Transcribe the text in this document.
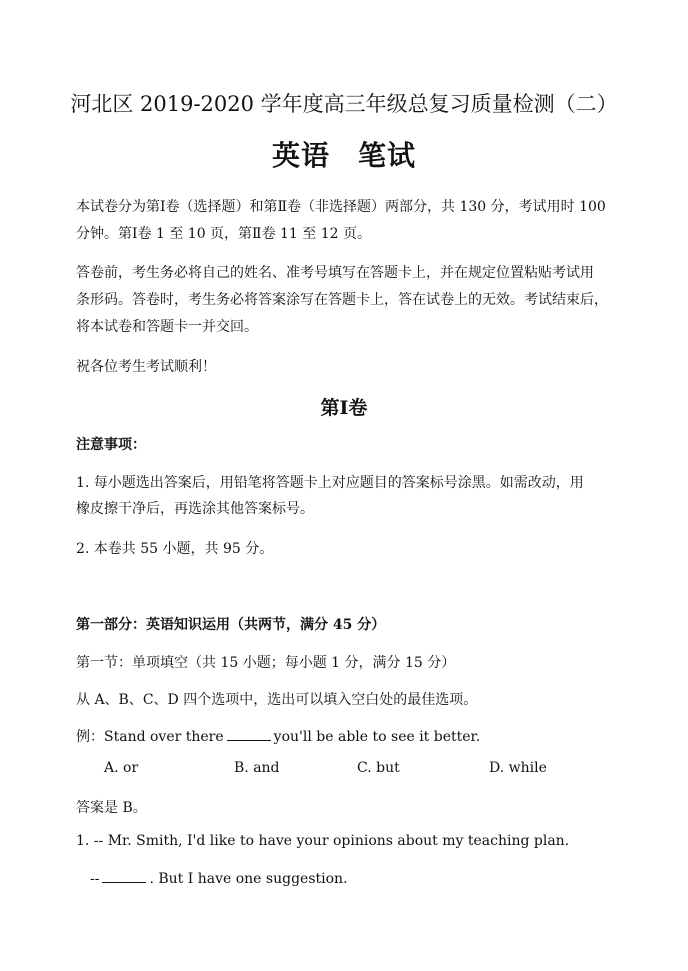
河北区 2019-2020 学年度高三年级总复习质量检测（二）
英语 笔试
本试卷分为第Ⅰ卷（选择题）和第Ⅱ卷（非选择题）两部分，共 130 分，考试用时 100
分钟。第Ⅰ卷 1 至 10 页，第Ⅱ卷 11 至 12 页。
答卷前，考生务必将自己的姓名、准考号填写在答题卡上，并在规定位置粘贴考试用
条形码。答卷时，考生务必将答案涂写在答题卡上，答在试卷上的无效。考试结束后，
将本试卷和答题卡一并交回。
祝各位考生考试顺利！
第Ⅰ卷
注意事项：
1. 每小题选出答案后，用铅笔将答题卡上对应题目的答案标号涂黑。如需改动，用
橡皮擦干净后，再选涂其他答案标号。
2. 本卷共 55 小题，共 95 分。
第一部分：英语知识运用（共两节，满分 45 分）
第一节：单项填空（共 15 小题；每小题 1 分，满分 15 分）
从 A、B、C、D 四个选项中，选出可以填入空白处的最佳选项。
例：Stand over there	you'll be able to see it better.
A. or	B. and	C. but	D. while
答案是 B。
1. -- Mr. Smith, I'd like to have your opinions about my teaching plan.
--	. But I have one suggestion.
